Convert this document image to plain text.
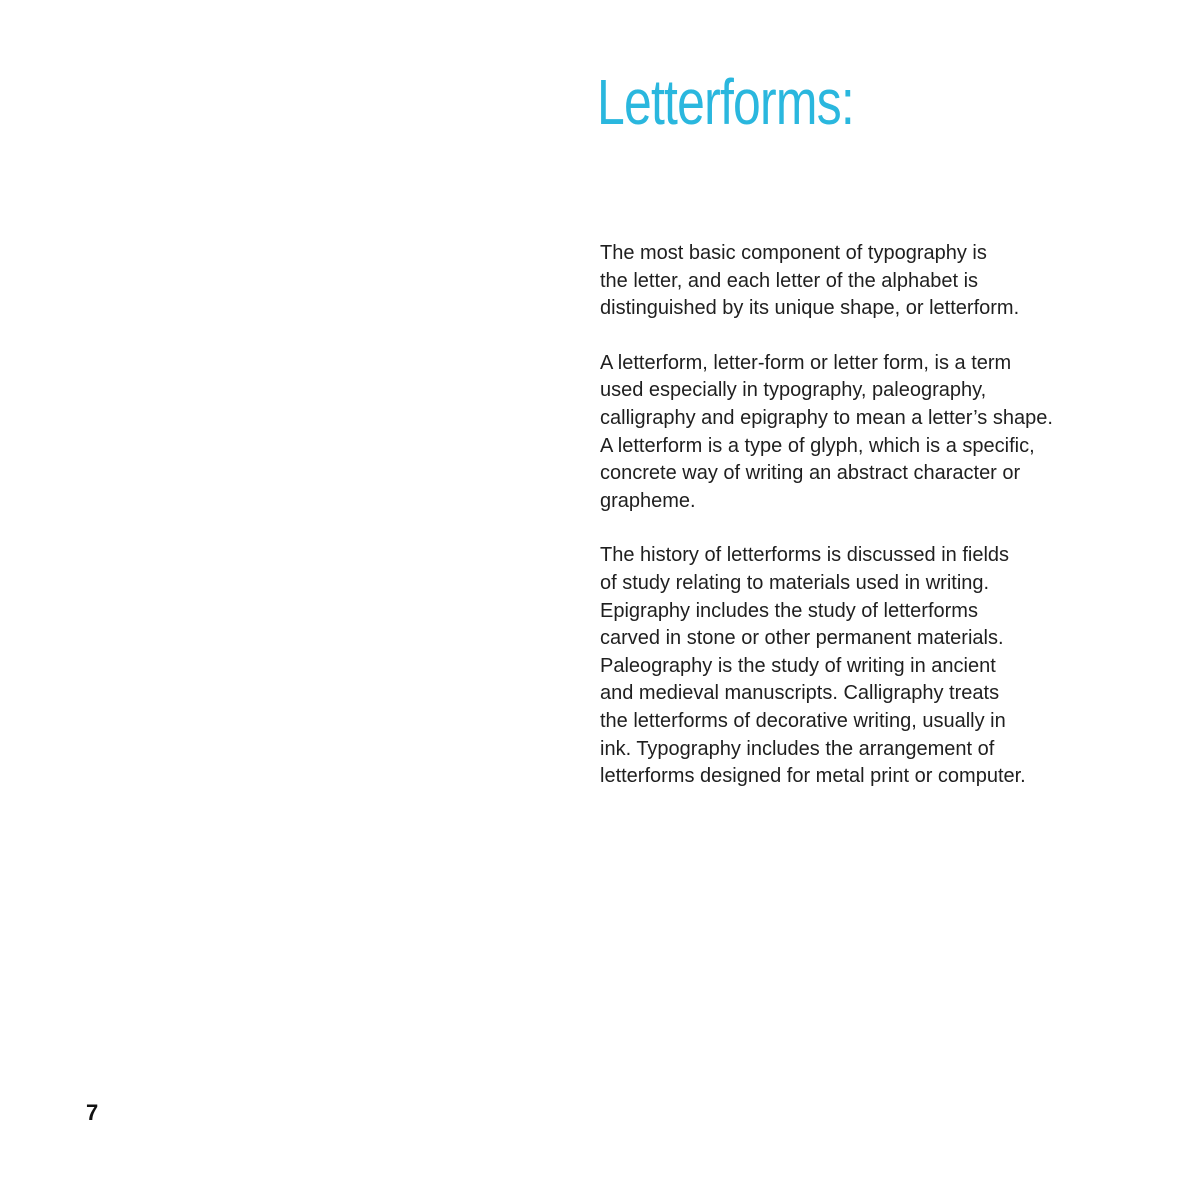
Letterforms:

The most basic component of typography is
the letter, and each letter of the alphabet is
distinguished by its unique shape, or letterform.

A letterform, letter-form or letter form, is a term
used especially in typography, paleography,
calligraphy and epigraphy to mean a letter’s shape.
A letterform is a type of glyph, which is a specific,
concrete way of writing an abstract character or
grapheme.

The history of letterforms is discussed in fields
of study relating to materials used in writing.
Epigraphy includes the study of letterforms
carved in stone or other permanent materials.
Paleography is the study of writing in ancient
and medieval manuscripts. Calligraphy treats
the letterforms of decorative writing, usually in
ink. Typography includes the arrangement of
letterforms designed for metal print or computer.

7
